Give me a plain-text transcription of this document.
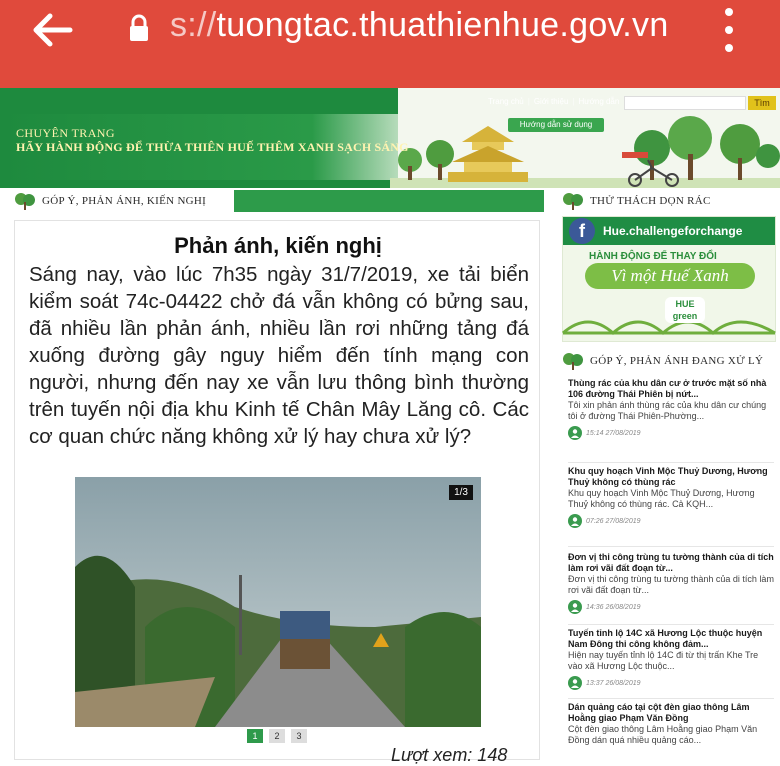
s://tuongtac.thuathienhue.gov.vn
Trang chủ | Giới thiệu | Hướng dẫn	Tìm
Hướng dẫn sử dụng
CHUYÊN TRANG
HÃY HÀNH ĐỘNG ĐỂ THỪA THIÊN HUẾ THÊM XANH SẠCH SÁNG
GÓP Ý, PHẢN ÁNH, KIẾN NGHỊ
Phản ánh, kiến nghị
Sáng nay, vào lúc 7h35 ngày 31/7/2019, xe tải biển kiểm soát 74c-04422 chở đá vẫn không có bửng sau, đã nhiều lần phản ánh, nhiều lần rơi những tảng đá xuống đường gây nguy hiểm đến tính mạng con người, nhưng đến nay xe vẫn lưu thông bình thường trên tuyến nội địa khu Kinh tế Chân Mây Lăng cô. Các cơ quan chức năng không xử lý hay chưa xử lý?
1/3
1	2	3
Lượt xem: 148
THỬ THÁCH DỌN RÁC
f	Hue.challengeforchange
HÀNH ĐỘNG ĐỂ THAY ĐỔI
Vì một Huế Xanh
HUE green
GÓP Ý, PHẢN ÁNH ĐANG XỬ LÝ
Thùng rác của khu dân cư ở trước mặt số nhà 106 đường Thái Phiên bị nứt...
Tôi xin phản ánh thùng rác của khu dân cư chúng tôi ở đường Thái Phiên-Phường...
15:14 27/08/2019
Khu quy hoạch Vinh Mộc Thuỷ Dương, Hương Thuỷ không có thùng rác
Khu quy hoạch Vinh Mộc Thuỷ Dương, Hương Thuỷ không có thùng rác. Cả KQH...
07:26 27/08/2019
Đơn vị thi công trùng tu tường thành của di tích làm rơi vãi đất đoạn từ...
Đơn vị thi công trùng tu tường thành của di tích làm rơi vãi đất đoạn từ...
14:36 26/08/2019
Tuyến tỉnh lộ 14C xã Hương Lộc thuộc huyện Nam Đông thi công không đảm...
Hiện nay tuyến tỉnh lộ 14C đi từ thị trấn Khe Tre vào xã Hương Lộc thuộc...
13:37 26/08/2019
Dán quảng cáo tại cột đèn giao thông Lâm Hoằng giao Phạm Văn Đồng
Cột đèn giao thông Lâm Hoằng giao Phạm Văn Đồng dán quá nhiều quảng cáo...
